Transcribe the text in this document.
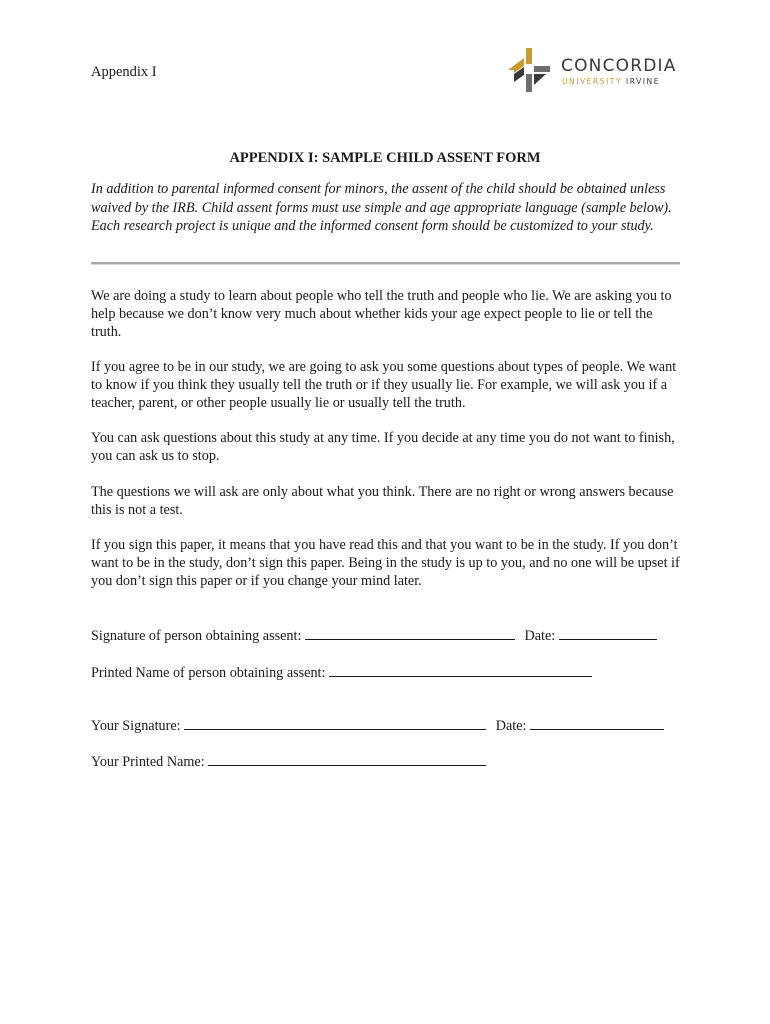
Appendix I	CONCORDIA
UNIVERSITY IRVINE
APPENDIX I: SAMPLE CHILD ASSENT FORM
In addition to parental informed consent for minors, the assent of the child should be obtained unless waived by the IRB. Child assent forms must use simple and age appropriate language (sample below). Each research project is unique and the informed consent form should be customized to your study.

We are doing a study to learn about people who tell the truth and people who lie. We are asking you to help because we don’t know very much about whether kids your age expect people to lie or tell the truth.

If you agree to be in our study, we are going to ask you some questions about types of people. We want to know if you think they usually tell the truth or if they usually lie. For example, we will ask you if a teacher, parent, or other people usually lie or usually tell the truth.

You can ask questions about this study at any time. If you decide at any time you do not want to finish, you can ask us to stop.

The questions we will ask are only about what you think. There are no right or wrong answers because this is not a test.

If you sign this paper, it means that you have read this and that you want to be in the study. If you don’t want to be in the study, don’t sign this paper. Being in the study is up to you, and no one will be upset if you don’t sign this paper or if you change your mind later.

Signature of person obtaining assent:	Date:
Printed Name of person obtaining assent:
Your Signature:	Date:
Your Printed Name:
